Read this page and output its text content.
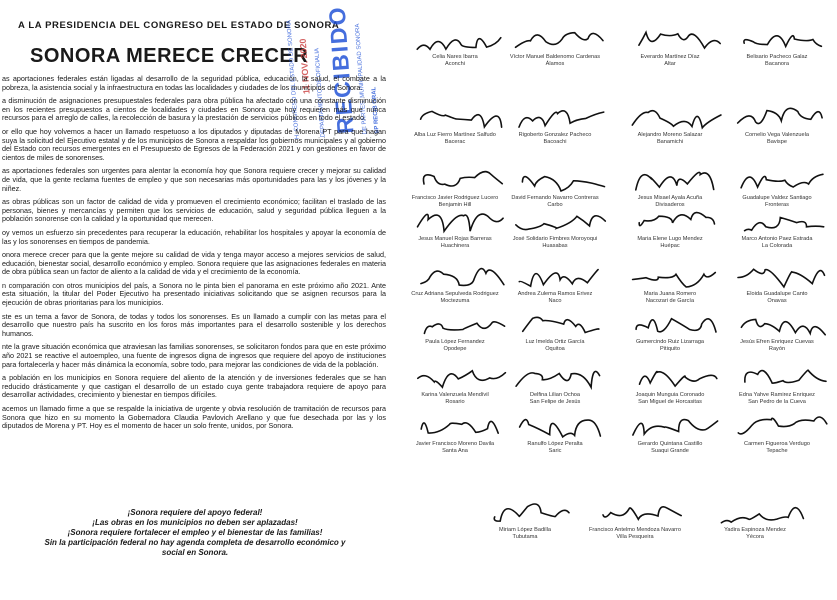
A LA PRESIDENCIA DEL CONGRESO DEL ESTADO DE SONORA
SONORA MERECE CRECER
H. CONGRESO DEL ESTADO DE SONORA
11 NOV. 2020 DEPARTAMENTO DE OFICIALIA
RECIBIDO
DE PARTES, MUNICIPALIDAD SONORA SP RECIB GRAL

as aportaciones federales están ligadas al desarrollo de la seguridad pública, educación, la salud, el combate a la pobreza, la asistencia social y la infraestructura en todas las localidades y ciudades de los municipios de Sonora.

a disminución de asignaciones presupuestales federales para obra pública ha afectado con una constante disminución en los recientes presupuestos a cientos de localidades y ciudades en Sonora que hoy requieren más que nunca recursos para el arreglo de calles, la recolección de basura y la prestación de servicios públicos en todo el estado.

or ello que hoy volvemos a hacer un llamado respetuoso a los diputados y diputadas de Morena PT para que hagan suya la solicitud del Ejecutivo estatal y de los municipios de Sonora a respaldar los gobiernos municipales y al gobierno del Estado con recursos emergentes en el Presupuesto de Egresos de la Federación 2021 y con gestiones en favor de cientos de miles de sonorenses.

as aportaciones federales son urgentes para alentar la economía hoy que Sonora requiere crecer y mejorar su calidad de vida, que la gente reclama fuentes de empleo y que son necesarias más oportunidades para las y los jóvenes y la niñez.

as obras públicas son un factor de calidad de vida y promueven el crecimiento económico; facilitan el traslado de las personas, bienes y mercancías y permiten que los servicios de educación, salud y seguridad pública lleguen a la población sonorense con la calidad y la oportunidad que merecen.

oy vemos un esfuerzo sin precedentes para recuperar la educación, rehabilitar los hospitales y apoyar la economía de las y los sonorenses en tiempos de pandemia.

onora merece crecer para que la gente mejore su calidad de vida y tenga mayor acceso a mejores servicios de salud, educación, bienestar social, desarrollo económico y empleo. Sonora requiere que las asignaciones federales en materia de obra pública sean un factor de aliento a la calidad de vida y el crecimiento de la economía.

n comparación con otros municipios del país, a Sonora no le pinta bien el panorama en este próximo año 2021. Ante esta situación, la titular del Poder Ejecutivo ha presentado iniciativas solicitando que se asignen recursos para la ejecución de obras prioritarias para los municipios.

ste es un tema a favor de Sonora, de todas y todos los sonorenses. Es un llamado a cumplir con las metas para el desarrollo que nuestro país ha suscrito en los foros más importantes para el desarrollo sostenible y los derechos humanos.

nte la grave situación económica que atraviesan las familias sonorenses, se solicitaron fondos para que en este próximo año 2021 se reactive el autoempleo, una fuente de ingresos digna de ingresos que requiere del apoyo de instituciones para fortalecerla y hacer más dinámica la economía, sobre todo, para mejorar las condiciones de vida de la población.

a población en los municipios en Sonora requiere del aliento de la atención y de inversiones federales que se han reducido drásticamente y que castigan el desarrollo de un estado cuya gente trabajadora requiere de apoyo para desarrollar actividades, crecimiento y bienestar en tiempos difíciles.

acemos un llamado firme a que se respalde la iniciativa de urgente y obvia resolución de tramitación de recursos para Sonora que hizo en su momento la Gobernadora Claudia Pavlovich Arellano y que fue desechada por las y los diputados de Morena y PT. Hoy es el momento de hacer un solo frente, unidos, por Sonora.

¡Sonora requiere del apoyo federal!
¡Las obras en los municipios no deben ser aplazadas!
¡Sonora requiere fortalecer el empleo y el bienestar de las familias!
Sin la participación federal no hay agenda completa de desarrollo económico y
social en Sonora.
Celia Nares Ibarra
Aconchi
Víctor Manuel Baldenomo Cardenas
Álamos
Everardo Martínez Díaz
Altar
Belisario Pacheco Galaz
Bacanora
Alba Luz Fierro Martínez Salfudo
Bacerac
Rigoberto Gonzalez Pacheco
Bacoachi
Alejandro Moreno Salazar
Banamichi
Cornelio Vega Valenzuela
Bavispe
Francisco Javier Rodriguez Lucero
Benjamin Hill
David Fernando Navarro Contreras
Carbo
Jesus Misael Ayala Acuña
Divisaderos
Guadalupe Valdez Santiago
Fronteras
Jesus Manuel Rojas Barreras
Huachinera
José Solidario Fimbres Moroyoqui
Huasabas
Maria Elene Lugo Mendez
Huépac
Marco Antonio Paez Estrada
La Colorada
Cruz Adriana Sepulveda Rodriguez
Moctezuma
Andrea Zulema Ramos Erivez
Naco
Maria Juana Romero
Nacozari de García
Eloida Guadalupe Canto
Onavas
Paula López Fernandez
Opodepe
Luz Imelda Ortiz García
Oquitoa
Gumercindo Ruiz Lizarraga
Pitiquito
Jesús Efren Enriquez Cuevas
Rayón
Karina Valenzuela Mendívil
Rosario
Delfina Lilian Ochoa
San Felipe de Jesús
Joaquin Munguia Coronado
San Miguel de Horcasitas
Edna Yahve Ramirez Enriquez
San Pedro de la Cueva
Javier Francisco Moreno Davila
Santa Ana
Ranulfo López Peralta
Saric
Gerardo Quintana Castillo
Suaqui Grande
Carmen Figueroa Verdugo
Tepache
Miriam López Badilla
Tubutama
Francisco Antelmo Mendoza Navarro
Villa Pesqueira
Yadira Espinoza Mendez
Yécora
